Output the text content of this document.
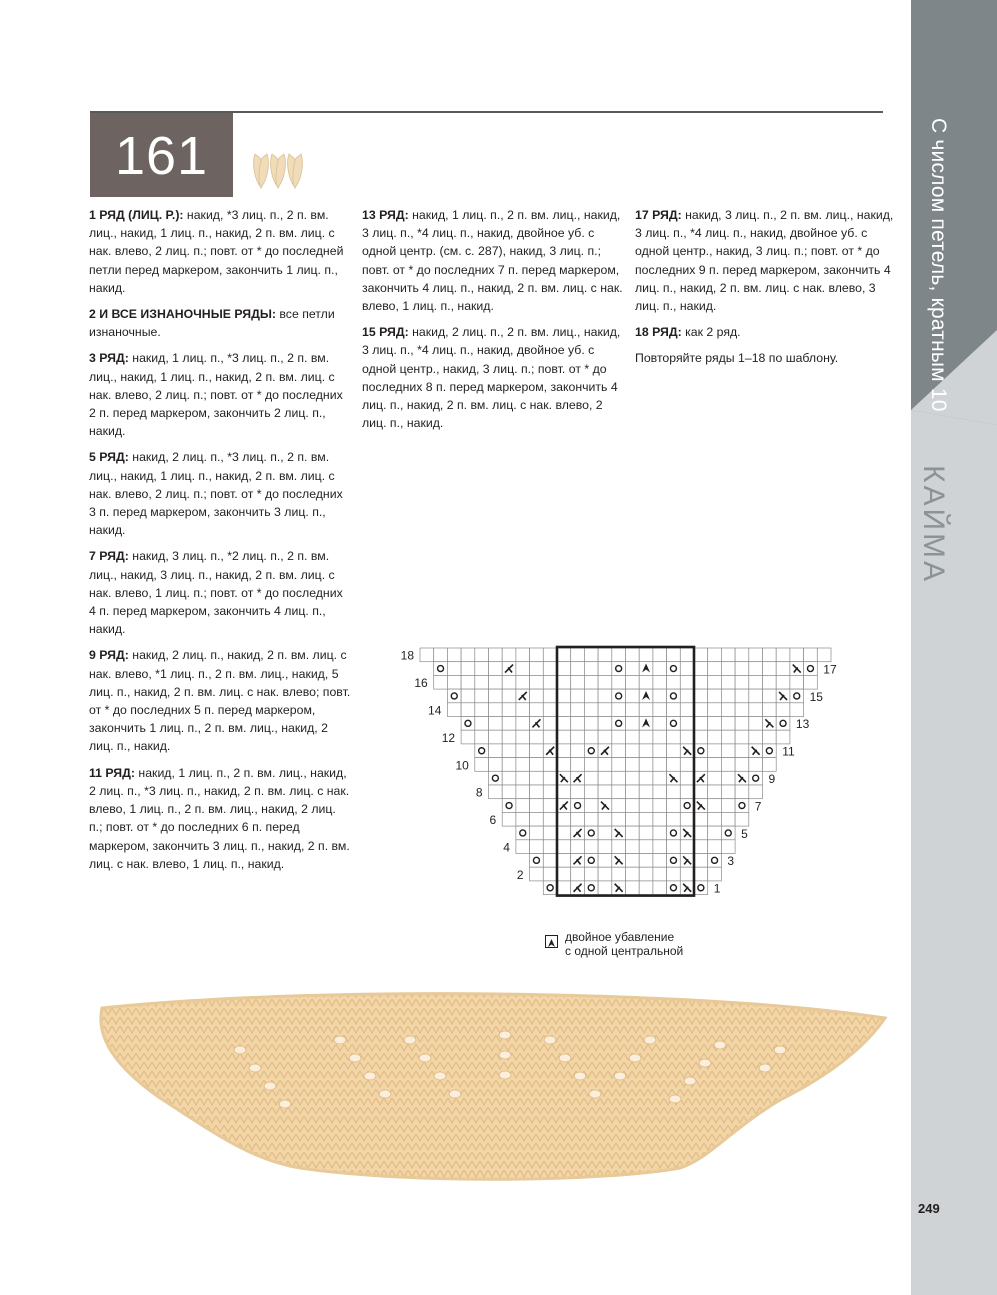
С числом петель, кратным 10
КАЙМА
161

1 РЯД (ЛИЦ. Р.): накид, *3 лиц. п., 2 п. вм. лиц., накид, 1 лиц. п., накид, 2 п. вм. лиц. с нак. влево, 2 лиц. п.; повт. от * до последней петли перед маркером, закончить 1 лиц. п., накид.

2 И ВСЕ ИЗНАНОЧНЫЕ РЯДЫ: все петли изнаночные.

3 РЯД: накид, 1 лиц. п., *3 лиц. п., 2 п. вм. лиц., накид, 1 лиц. п., накид, 2 п. вм. лиц. с нак. влево, 2 лиц. п.; повт. от * до последних 2 п. перед маркером, закончить 2 лиц. п., накид.

5 РЯД: накид, 2 лиц. п., *3 лиц. п., 2 п. вм. лиц., накид, 1 лиц. п., накид, 2 п. вм. лиц. с нак. влево, 2 лиц. п.; повт. от * до последних 3 п. перед маркером, закончить 3 лиц. п., накид.

7 РЯД: накид, 3 лиц. п., *2 лиц. п., 2 п. вм. лиц., накид, 3 лиц. п., накид, 2 п. вм. лиц. с нак. влево, 1 лиц. п.; повт. от * до последних 4 п. перед маркером, закончить 4 лиц. п., накид.

9 РЯД: накид, 2 лиц. п., накид, 2 п. вм. лиц. с нак. влево, *1 лиц. п., 2 п. вм. лиц., накид, 5 лиц. п., накид, 2 п. вм. лиц. с нак. влево; повт. от * до последних 5 п. перед маркером, закончить 1 лиц. п., 2 п. вм. лиц., накид, 2 лиц. п., накид.

11 РЯД: накид, 1 лиц. п., 2 п. вм. лиц., накид, 2 лиц. п., *3 лиц. п., накид, 2 п. вм. лиц. с нак. влево, 1 лиц. п., 2 п. вм. лиц., накид, 2 лиц. п.; повт. от * до последних 6 п. перед маркером, закончить 3 лиц. п., накид, 2 п. вм. лиц. с нак. влево, 1 лиц. п., накид.

13 РЯД: накид, 1 лиц. п., 2 п. вм. лиц., накид, 3 лиц. п., *4 лиц. п., накид, двойное уб. с одной центр. (см. с. 287), накид, 3 лиц. п.; повт. от * до последних 7 п. перед маркером, закончить 4 лиц. п., накид, 2 п. вм. лиц. с нак. влево, 1 лиц. п., накид.

15 РЯД: накид, 2 лиц. п., 2 п. вм. лиц., накид, 3 лиц. п., *4 лиц. п., накид, двойное уб. с одной центр., накид, 3 лиц. п.; повт. от * до последних 8 п. перед маркером, закончить 4 лиц. п., накид, 2 п. вм. лиц. с нак. влево, 2 лиц. п., накид.

17 РЯД: накид, 3 лиц. п., 2 п. вм. лиц., накид, 3 лиц. п., *4 лиц. п., накид, двойное уб. с одной центр., накид, 3 лиц. п.; повт. от * до последних 9 п. перед маркером, закончить 4 лиц. п., накид, 2 п. вм. лиц. с нак. влево, 3 лиц. п., накид.

18 РЯД: как 2 ряд.

Повторяйте ряды 1–18 по шаблону.

18
16
14
12
10
8
6
4
2
17
15
13
11
9
7
5
3
1
двойное убавление
с одной центральной
249
